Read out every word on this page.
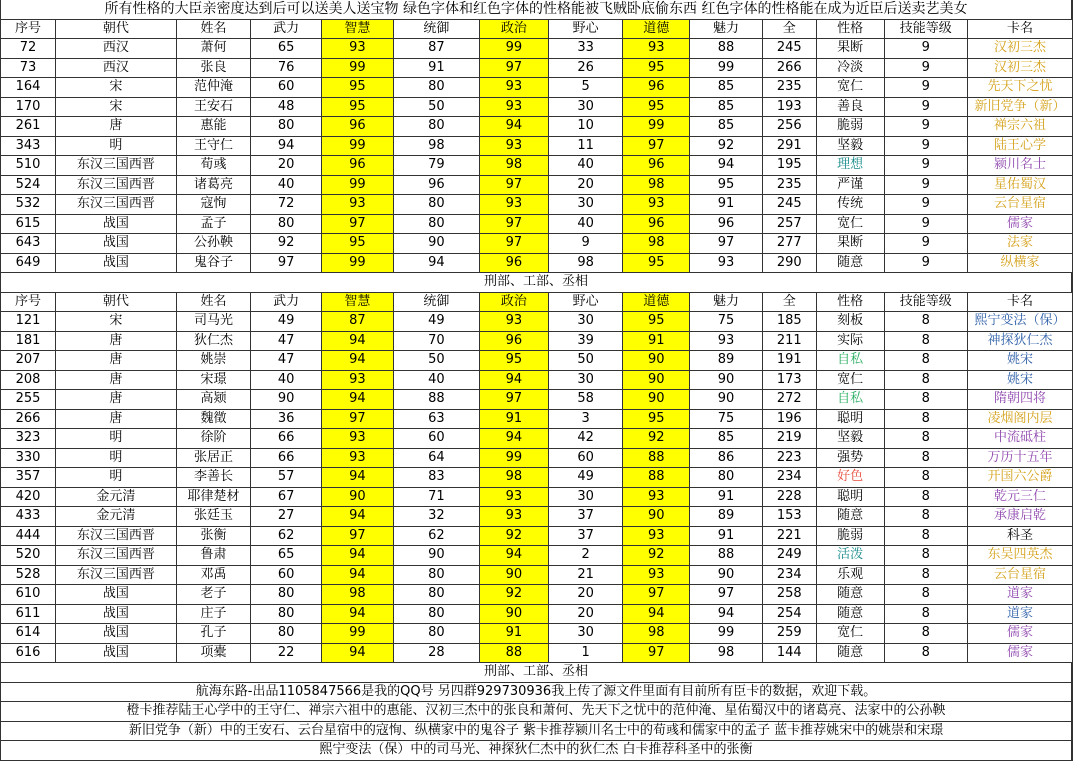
所有性格的大臣亲密度达到后可以送美人送宝物 绿色字体和红色字体的性格能被飞贼卧底偷东西 红色字体的性格能在成为近臣后送卖艺美女
序号	朝代	姓名	武力	智慧	统御	政治	野心	道德	魅力	全	性格	技能等级	卡名
72	西汉	萧何	65	93	87	99	33	93	88	245	果断	9	汉初三杰
73	西汉	张良	76	99	91	97	26	95	99	266	冷淡	9	汉初三杰
164	宋	范仲淹	60	95	80	93	5	96	85	235	宽仁	9	先天下之忧
170	宋	王安石	48	95	50	93	30	95	85	193	善良	9	新旧党争（新）
261	唐	惠能	80	96	80	94	10	99	85	256	脆弱	9	禅宗六祖
343	明	王守仁	94	99	98	93	11	97	92	291	坚毅	9	陆王心学
510	东汉三国西晋	荀彧	20	96	79	98	40	96	94	195	理想	9	颍川名士
524	东汉三国西晋	诸葛亮	40	99	96	97	20	98	95	235	严谨	9	星佑蜀汉
532	东汉三国西晋	寇恂	72	93	80	93	30	93	91	245	传统	9	云台星宿
615	战国	孟子	80	97	80	97	40	96	96	257	宽仁	9	儒家
643	战国	公孙鞅	92	95	90	97	9	98	97	277	果断	9	法家
649	战国	鬼谷子	97	99	94	96	98	95	93	290	随意	9	纵横家
刑部、工部、丞相
序号	朝代	姓名	武力	智慧	统御	政治	野心	道德	魅力	全	性格	技能等级	卡名
121	宋	司马光	49	87	49	93	30	95	75	185	刻板	8	熙宁变法（保）
181	唐	狄仁杰	47	94	70	96	39	91	93	211	实际	8	神探狄仁杰
207	唐	姚崇	47	94	50	95	50	90	89	191	自私	8	姚宋
208	唐	宋璟	40	93	40	94	30	90	90	173	宽仁	8	姚宋
255	唐	高颎	90	94	88	97	58	90	90	272	自私	8	隋朝四将
266	唐	魏徵	36	97	63	91	3	95	75	196	聪明	8	凌烟阁内层
323	明	徐阶	66	93	60	94	42	92	85	219	坚毅	8	中流砥柱
330	明	张居正	66	93	64	99	60	88	86	223	强势	8	万历十五年
357	明	李善长	57	94	83	98	49	88	80	234	好色	8	开国六公爵
420	金元清	耶律楚材	67	90	71	93	30	93	91	228	聪明	8	乾元三仁
433	金元清	张廷玉	27	94	32	93	37	90	89	153	随意	8	承康启乾
444	东汉三国西晋	张衡	62	97	62	92	37	93	91	221	脆弱	8	科圣
520	东汉三国西晋	鲁肃	65	94	90	94	2	92	88	249	活泼	8	东吴四英杰
528	东汉三国西晋	邓禹	60	94	80	90	21	93	90	234	乐观	8	云台星宿
610	战国	老子	80	98	80	92	20	97	97	258	随意	8	道家
611	战国	庄子	80	94	80	90	20	94	94	254	随意	8	道家
614	战国	孔子	80	99	80	91	30	98	99	259	宽仁	8	儒家
616	战国	项橐	22	94	28	88	1	97	98	144	随意	8	儒家
刑部、工部、丞相
航海东路-出品1105847566是我的QQ号 另四群929730936我上传了源文件里面有目前所有臣卡的数据，欢迎下载。
橙卡推荐陆王心学中的王守仁、禅宗六祖中的惠能、汉初三杰中的张良和萧何、先天下之忧中的范仲淹、星佑蜀汉中的诸葛亮、法家中的公孙鞅
新旧党争（新）中的王安石、云台星宿中的寇恂、纵横家中的鬼谷子 紫卡推荐颍川名士中的荀彧和儒家中的孟子 蓝卡推荐姚宋中的姚崇和宋璟
熙宁变法（保）中的司马光、神探狄仁杰中的狄仁杰 白卡推荐科圣中的张衡
